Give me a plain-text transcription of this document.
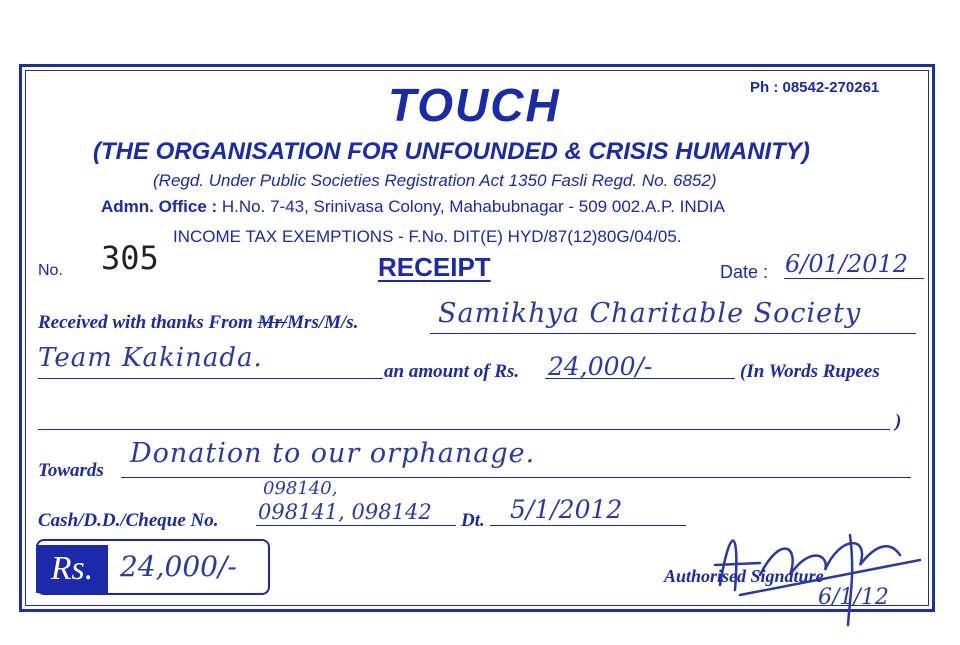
TOUCH	Ph : 08542-270261
(THE ORGANISATION FOR UNFOUNDED & CRISIS HUMANITY)
(Regd. Under Public Societies Registration Act 1350 Fasli Regd. No. 6852)
Admn. Office : H.No. 7-43, Srinivasa Colony, Mahabubnagar - 509 002.A.P. INDIA
INCOME TAX EXEMPTIONS - F.No. DIT(E) HYD/87(12)80G/04/05.
No. 305	RECEIPT	Date : 6/01/2012
Received with thanks From Mr/Mrs/M/s.	Samikhya Charitable Society
Team Kakinada.	an amount of Rs. 24,000/-	(In Words Rupees
)
Towards
Donation to our orphanage.
098140,
Cash/D.D./Cheque No. 098141, 098142 Dt. 5/1/2012
Rs. 24,000/-	Authorised Signature
6/1/12
